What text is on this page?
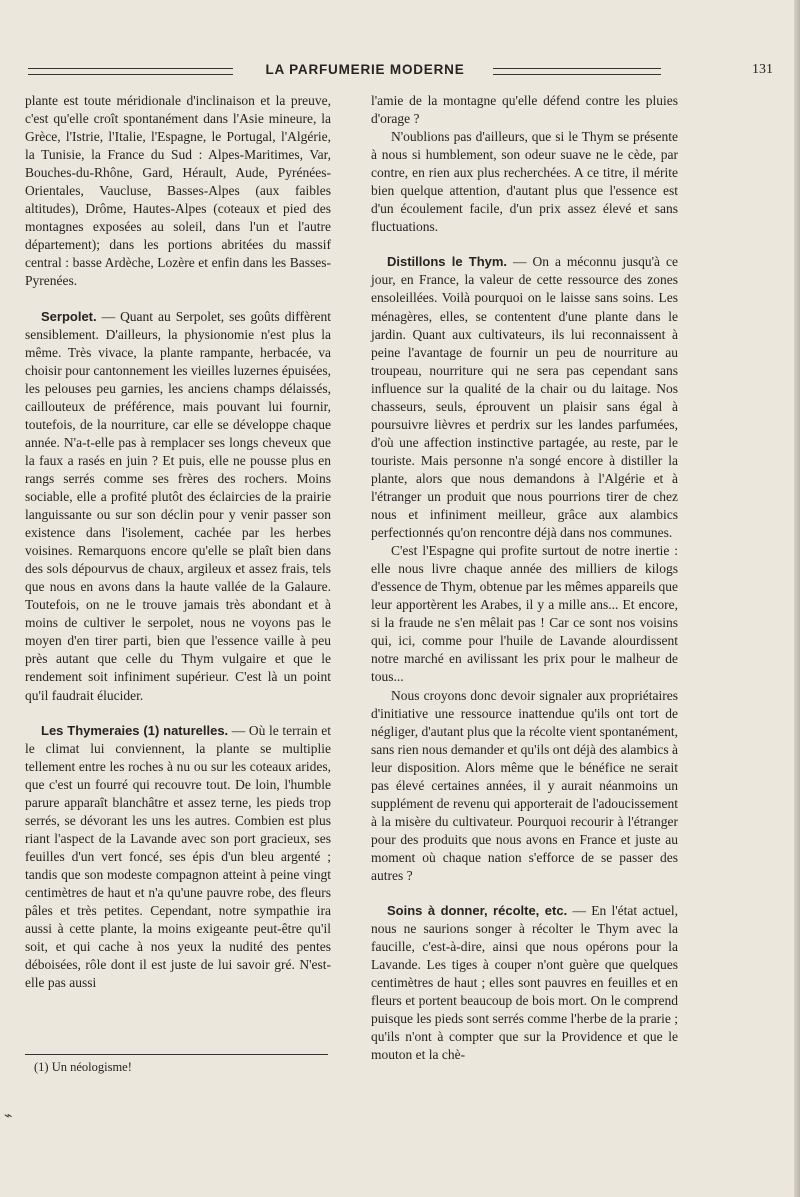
LA PARFUMERIE MODERNE	131

plante est toute méridionale d'inclinaison et la preuve, c'est qu'elle croît spontanément dans l'Asie mineure, la Grèce, l'Istrie, l'Italie, l'Espagne, le Portugal, l'Algérie, la Tunisie, la France du Sud : Alpes-Maritimes, Var, Bouches-du-Rhône, Gard, Hérault, Aude, Pyrénées-Orientales, Vaucluse, Basses-Alpes (aux faibles altitudes), Drôme, Hautes-Alpes (coteaux et pied des montagnes exposées au soleil, dans l'un et l'autre département); dans les portions abritées du massif central : basse Ardèche, Lozère et enfin dans les Basses-Pyrenées.

Serpolet. — Quant au Serpolet, ses goûts diffèrent sensiblement. D'ailleurs, la physionomie n'est plus la même. Très vivace, la plante rampante, herbacée, va choisir pour cantonnement les vieilles luzernes épuisées, les pelouses peu garnies, les anciens champs délaissés, caillouteux de préférence, mais pouvant lui fournir, toutefois, de la nourriture, car elle se développe chaque année. N'a-t-elle pas à remplacer ses longs cheveux que la faux a rasés en juin ? Et puis, elle ne pousse plus en rangs serrés comme ses frères des rochers. Moins sociable, elle a profité plutôt des éclaircies de la prairie languissante ou sur son déclin pour y venir passer son existence dans l'isolement, cachée par les herbes voisines. Remarquons encore qu'elle se plaît bien dans des sols dépourvus de chaux, argileux et assez frais, tels que nous en avons dans la haute vallée de la Galaure. Toutefois, on ne le trouve jamais très abondant et à moins de cultiver le serpolet, nous ne voyons pas le moyen d'en tirer parti, bien que l'essence vaille à peu près autant que celle du Thym vulgaire et que le rendement soit infiniment supérieur. C'est là un point qu'il faudrait élucider.

Les Thymeraies (1) naturelles. — Où le terrain et le climat lui conviennent, la plante se multiplie tellement entre les roches à nu ou sur les coteaux arides, que c'est un fourré qui recouvre tout. De loin, l'humble parure apparaît blanchâtre et assez terne, les pieds trop serrés, se dévorant les uns les autres. Combien est plus riant l'aspect de la Lavande avec son port gracieux, ses feuilles d'un vert foncé, ses épis d'un bleu argenté ; tandis que son modeste compagnon atteint à peine vingt centimètres de haut et n'a qu'une pauvre robe, des fleurs pâles et très petites. Cependant, notre sympathie ira aussi à cette plante, la moins exigeante peut-être qu'il soit, et qui cache à nos yeux la nudité des pentes déboisées, rôle dont il est juste de lui savoir gré. N'est-elle pas aussi

(1) Un néologisme!

l'amie de la montagne qu'elle défend contre les pluies d'orage ?

N'oublions pas d'ailleurs, que si le Thym se présente à nous si humblement, son odeur suave ne le cède, par contre, en rien aux plus recherchées. A ce titre, il mérite bien quelque attention, d'autant plus que l'essence est d'un écoulement facile, d'un prix assez élevé et sans fluctuations.

Distillons le Thym. — On a méconnu jusqu'à ce jour, en France, la valeur de cette ressource des zones ensoleillées. Voilà pourquoi on le laisse sans soins. Les ménagères, elles, se contentent d'une plante dans le jardin. Quant aux cultivateurs, ils lui reconnaissent à peine l'avantage de fournir un peu de nourriture au troupeau, nourriture qui ne sera pas cependant sans influence sur la qualité de la chair ou du laitage. Nos chasseurs, seuls, éprouvent un plaisir sans égal à poursuivre lièvres et perdrix sur les landes parfumées, d'où une affection instinctive partagée, au reste, par le touriste. Mais personne n'a songé encore à distiller la plante, alors que nous demandons à l'Algérie et à l'étranger un produit que nous pourrions tirer de chez nous et infiniment meilleur, grâce aux alambics perfectionnés qu'on rencontre déjà dans nos communes.

C'est l'Espagne qui profite surtout de notre inertie : elle nous livre chaque année des milliers de kilogs d'essence de Thym, obtenue par les mêmes appareils que leur apportèrent les Arabes, il y a mille ans... Et encore, si la fraude ne s'en mêlait pas ! Car ce sont nos voisins qui, ici, comme pour l'huile de Lavande alourdissent notre marché en avilissant les prix pour le malheur de tous...

Nous croyons donc devoir signaler aux propriétaires d'initiative une ressource inattendue qu'ils ont tort de négliger, d'autant plus que la récolte vient spontanément, sans rien nous demander et qu'ils ont déjà des alambics à leur disposition. Alors même que le bénéfice ne serait pas élevé certaines années, il y aurait néanmoins un supplément de revenu qui apporterait de l'adoucissement à la misère du cultivateur. Pourquoi recourir à l'étranger pour des produits que nous avons en France et juste au moment où chaque nation s'efforce de se passer des autres ?

Soins à donner, récolte, etc. — En l'état actuel, nous ne saurions songer à récolter le Thym avec la faucille, c'est-à-dire, ainsi que nous opérons pour la Lavande. Les tiges à couper n'ont guère que quelques centimètres de haut ; elles sont pauvres en feuilles et en fleurs et portent beaucoup de bois mort. On le comprend puisque les pieds sont serrés comme l'herbe de la prarie ; qu'ils n'ont à compter que sur la Providence et que le mouton et la chè-

⌁
